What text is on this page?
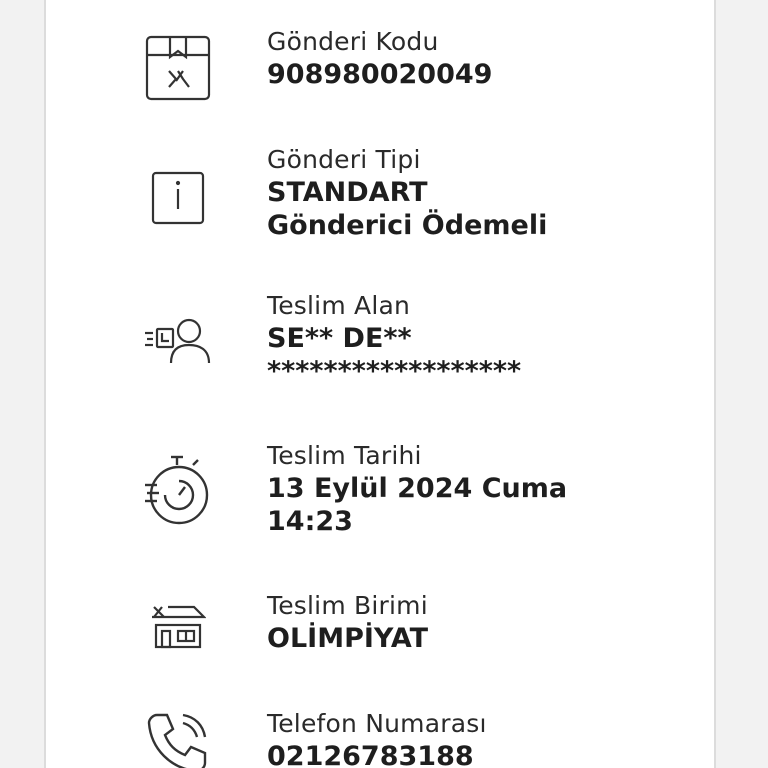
Gönderi Kodu
908980020049
Gönderi Tipi
STANDART
Gönderici Ödemeli
Teslim Alan
SE** DE**
******************
Teslim Tarihi
13 Eylül 2024 Cuma
14:23
Teslim Birimi
OLİMPİYAT
Telefon Numarası
02126783188
